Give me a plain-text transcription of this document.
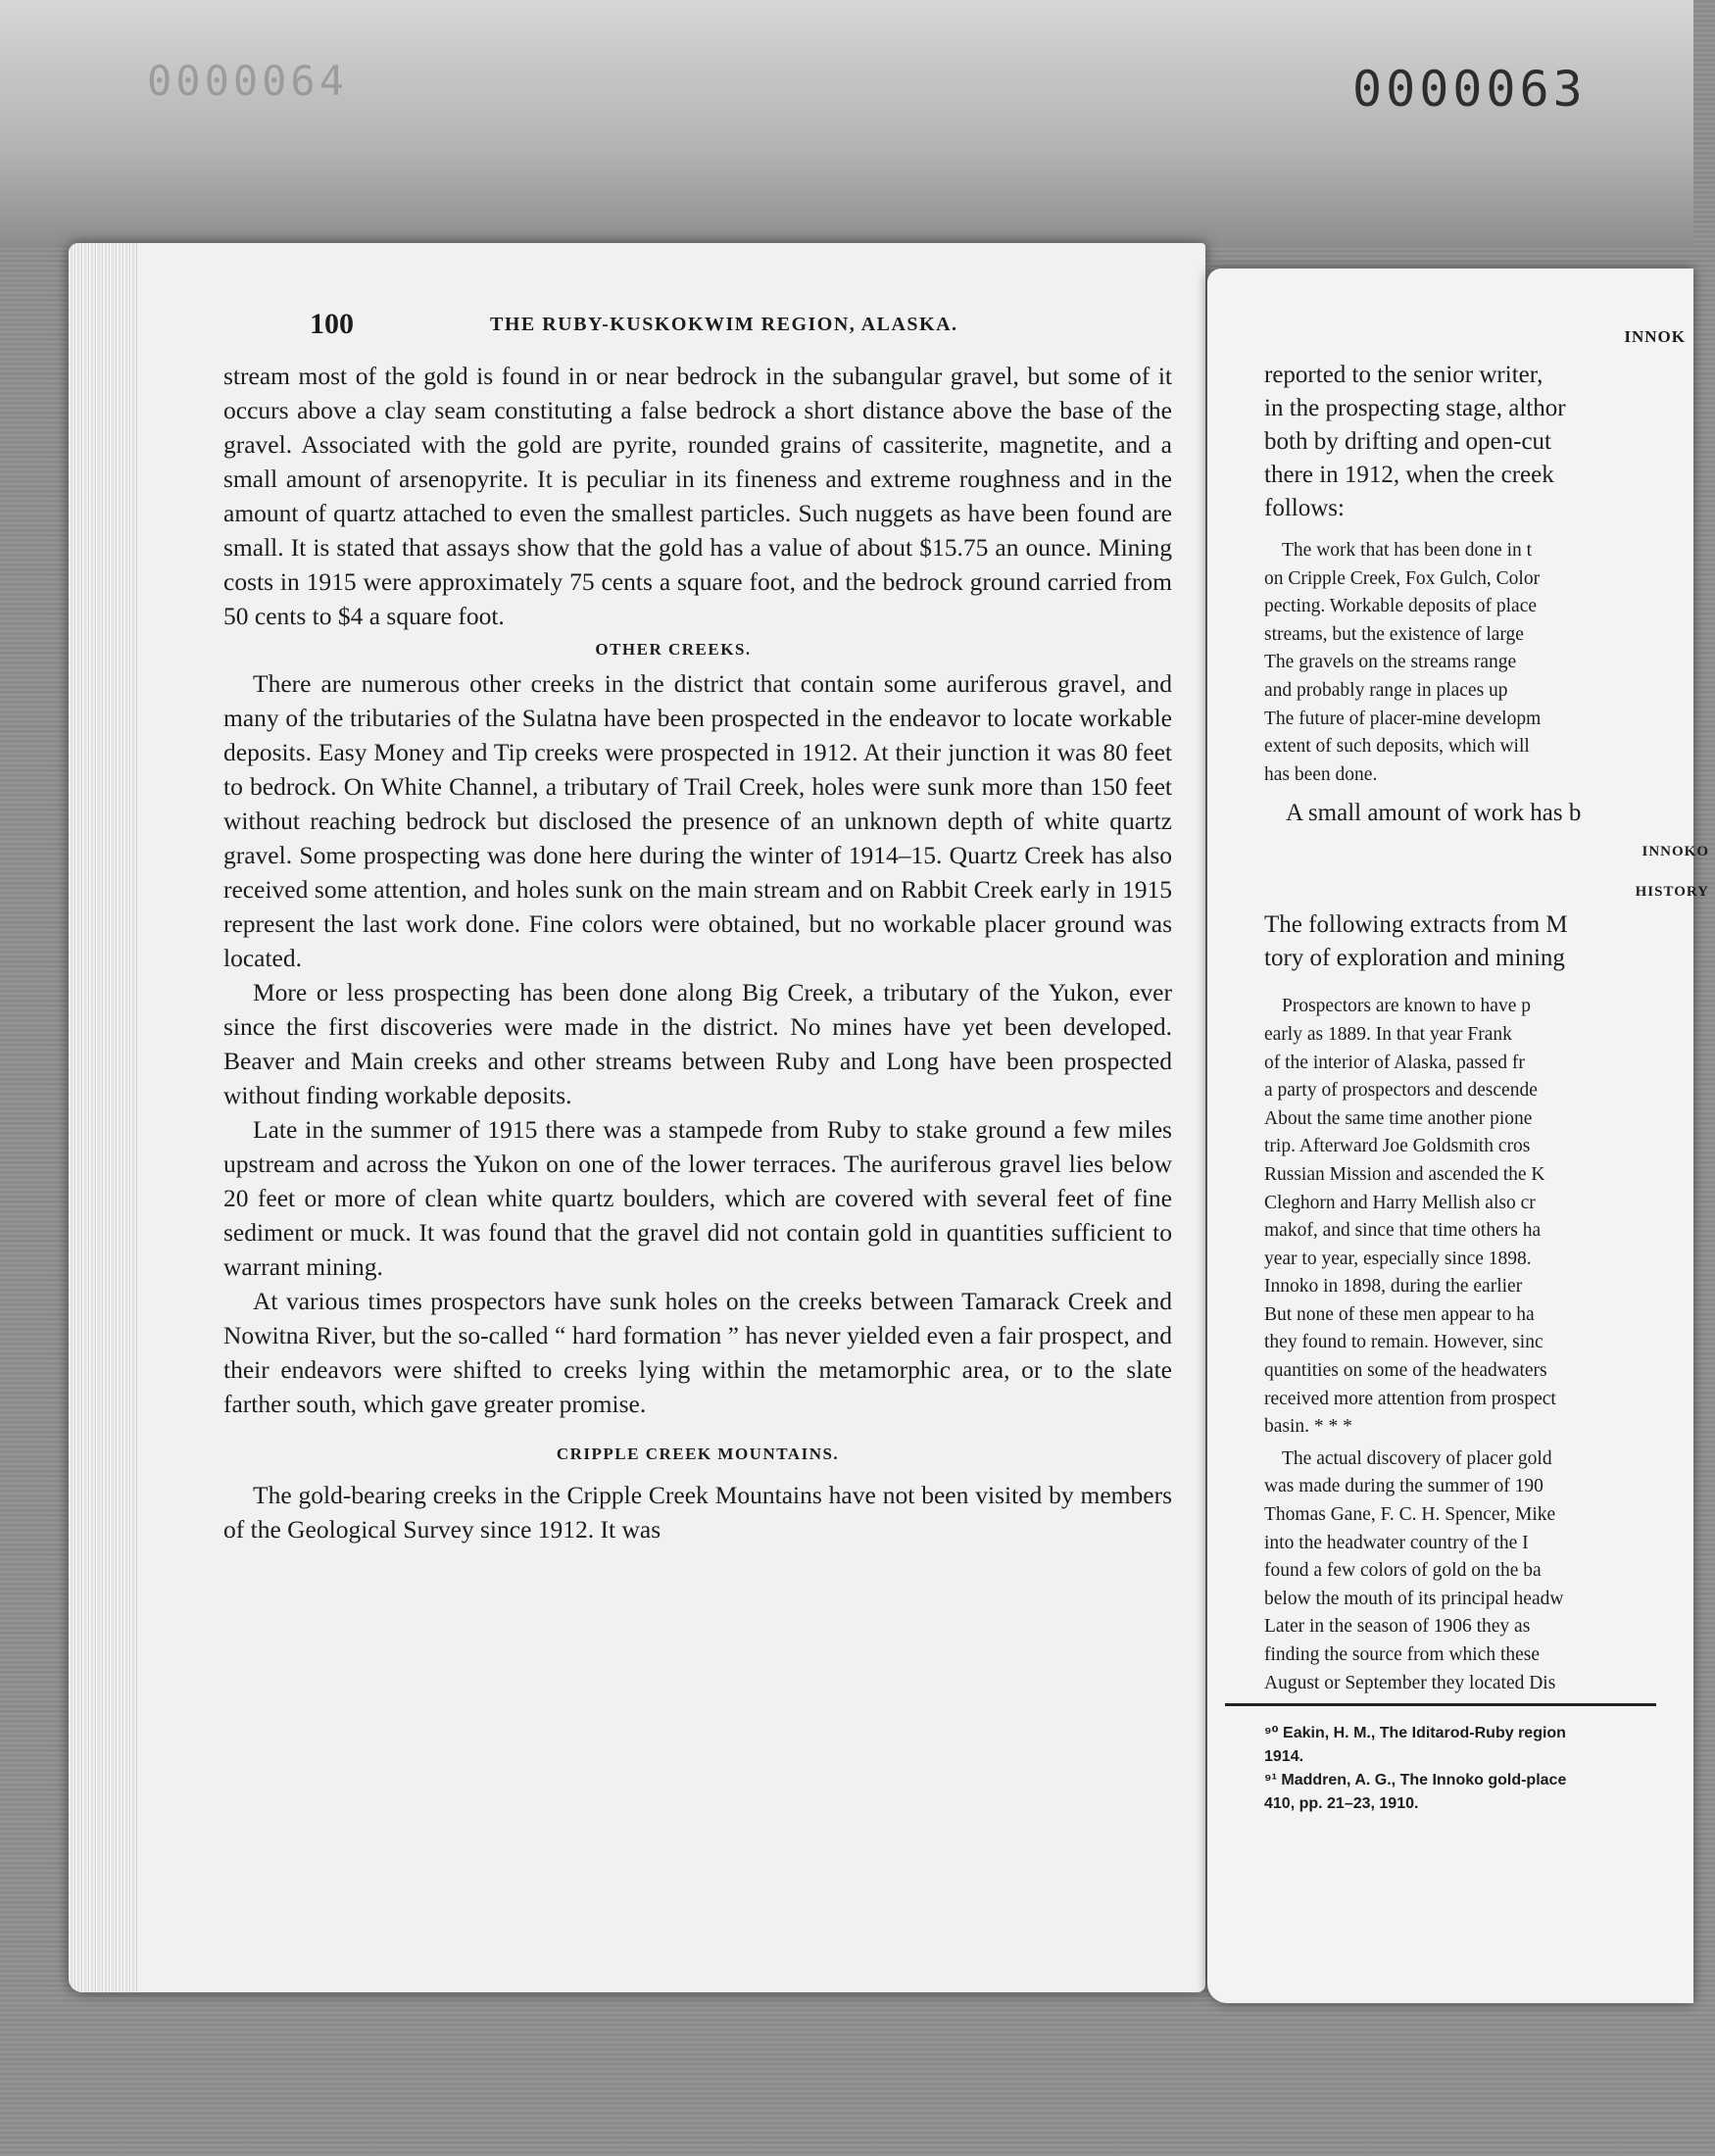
0000064	0000063
INNOK
reported to the senior writer,
in the prospecting stage, althor
both by drifting and open-cut
there in 1912, when the creek
follows:
The work that has been done in t
on Cripple Creek, Fox Gulch, Color
pecting. Workable deposits of place
streams, but the existence of large
The gravels on the streams range
and probably range in places up
The future of placer-mine developm
extent of such deposits, which will
has been done.
A small amount of work has b
INNOKO
HISTORY
The following extracts from M
tory of exploration and mining
Prospectors are known to have p
early as 1889. In that year Frank
of the interior of Alaska, passed fr
a party of prospectors and descende
About the same time another pione
trip. Afterward Joe Goldsmith cros
Russian Mission and ascended the K
Cleghorn and Harry Mellish also cr
makof, and since that time others ha
year to year, especially since 1898.
Innoko in 1898, during the earlier
But none of these men appear to ha
they found to remain. However, sinc
quantities on some of the headwaters
received more attention from prospect
basin. * * *
The actual discovery of placer gold
was made during the summer of 190
Thomas Gane, F. C. H. Spencer, Mike
into the headwater country of the I
found a few colors of gold on the ba
below the mouth of its principal headw
Later in the season of 1906 they as
finding the source from which these
August or September they located Dis
⁹⁰ Eakin, H. M., The Iditarod-Ruby region
1914.
⁹¹ Maddren, A. G., The Innoko gold-place
410, pp. 21–23, 1910.
100	THE RUBY-KUSKOKWIM REGION, ALASKA.

stream most of the gold is found in or near bedrock in the subangular gravel, but some of it occurs above a clay seam constituting a false bedrock a short distance above the base of the gravel. Associated with the gold are pyrite, rounded grains of cassiterite, magnetite, and a small amount of arsenopyrite. It is peculiar in its fineness and extreme roughness and in the amount of quartz attached to even the smallest particles. Such nuggets as have been found are small. It is stated that assays show that the gold has a value of about $15.75 an ounce. Mining costs in 1915 were approximately 75 cents a square foot, and the bedrock ground carried from 50 cents to $4 a square foot.

OTHER CREEKS.

There are numerous other creeks in the district that contain some auriferous gravel, and many of the tributaries of the Sulatna have been prospected in the endeavor to locate workable deposits. Easy Money and Tip creeks were prospected in 1912. At their junction it was 80 feet to bedrock. On White Channel, a tributary of Trail Creek, holes were sunk more than 150 feet without reaching bedrock but disclosed the presence of an unknown depth of white quartz gravel. Some prospecting was done here during the winter of 1914–15. Quartz Creek has also received some attention, and holes sunk on the main stream and on Rabbit Creek early in 1915 represent the last work done. Fine colors were obtained, but no workable placer ground was located.

More or less prospecting has been done along Big Creek, a tributary of the Yukon, ever since the first discoveries were made in the district. No mines have yet been developed. Beaver and Main creeks and other streams between Ruby and Long have been prospected without finding workable deposits.

Late in the summer of 1915 there was a stampede from Ruby to stake ground a few miles upstream and across the Yukon on one of the lower terraces. The auriferous gravel lies below 20 feet or more of clean white quartz boulders, which are covered with several feet of fine sediment or muck. It was found that the gravel did not contain gold in quantities sufficient to warrant mining.

At various times prospectors have sunk holes on the creeks between Tamarack Creek and Nowitna River, but the so-called “ hard formation ” has never yielded even a fair prospect, and their endeavors were shifted to creeks lying within the metamorphic area, or to the slate farther south, which gave greater promise.

CRIPPLE CREEK MOUNTAINS.

The gold-bearing creeks in the Cripple Creek Mountains have not been visited by members of the Geological Survey since 1912. It was
